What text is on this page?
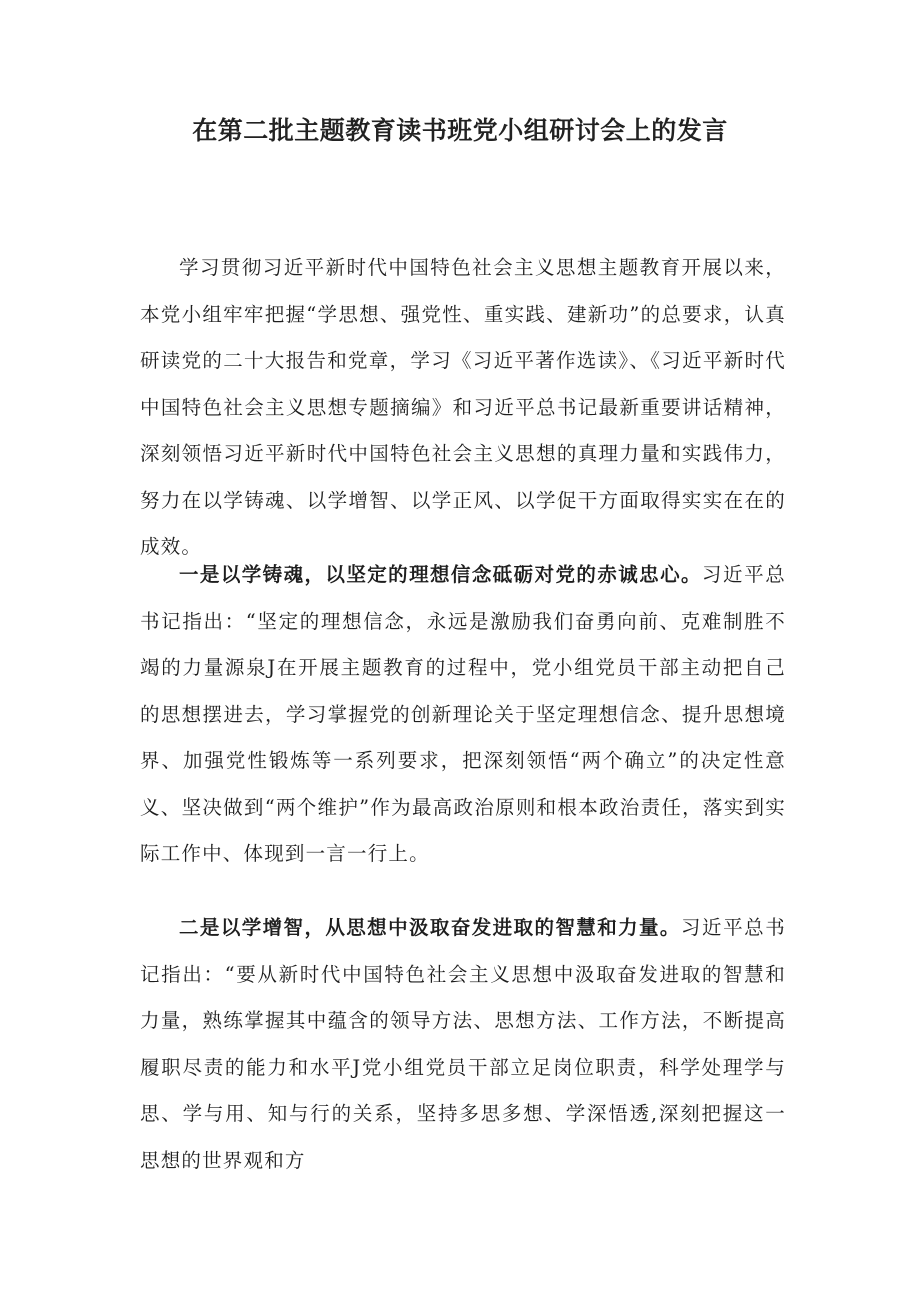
在第二批主题教育读书班党小组研讨会上的发言

学习贯彻习近平新时代中国特色社会主义思想主题教育开展以来，本党小组牢牢把握“学思想、强党性、重实践、建新功”的总要求，认真研读党的二十大报告和党章，学习《习近平著作选读》、《习近平新时代中国特色社会主义思想专题摘编》和习近平总书记最新重要讲话精神，深刻领悟习近平新时代中国特色社会主义思想的真理力量和实践伟力，努力在以学铸魂、以学增智、以学正风、以学促干方面取得实实在在的成效。

一是以学铸魂，以坚定的理想信念砥砺对党的赤诚忠心。习近平总书记指出：“坚定的理想信念，永远是激励我们奋勇向前、克难制胜不竭的力量源泉J在开展主题教育的过程中，党小组党员干部主动把自己的思想摆进去，学习掌握党的创新理论关于坚定理想信念、提升思想境界、加强党性锻炼等一系列要求，把深刻领悟“两个确立”的决定性意义、坚决做到“两个维护”作为最高政治原则和根本政治责任，落实到实际工作中、体现到一言一行上。

二是以学增智，从思想中汲取奋发进取的智慧和力量。习近平总书记指出：“要从新时代中国特色社会主义思想中汲取奋发进取的智慧和力量，熟练掌握其中蕴含的领导方法、思想方法、工作方法，不断提高履职尽责的能力和水平J党小组党员干部立足岗位职责，科学处理学与思、学与用、知与行的关系，坚持多思多想、学深悟透,深刻把握这一思想的世界观和方
